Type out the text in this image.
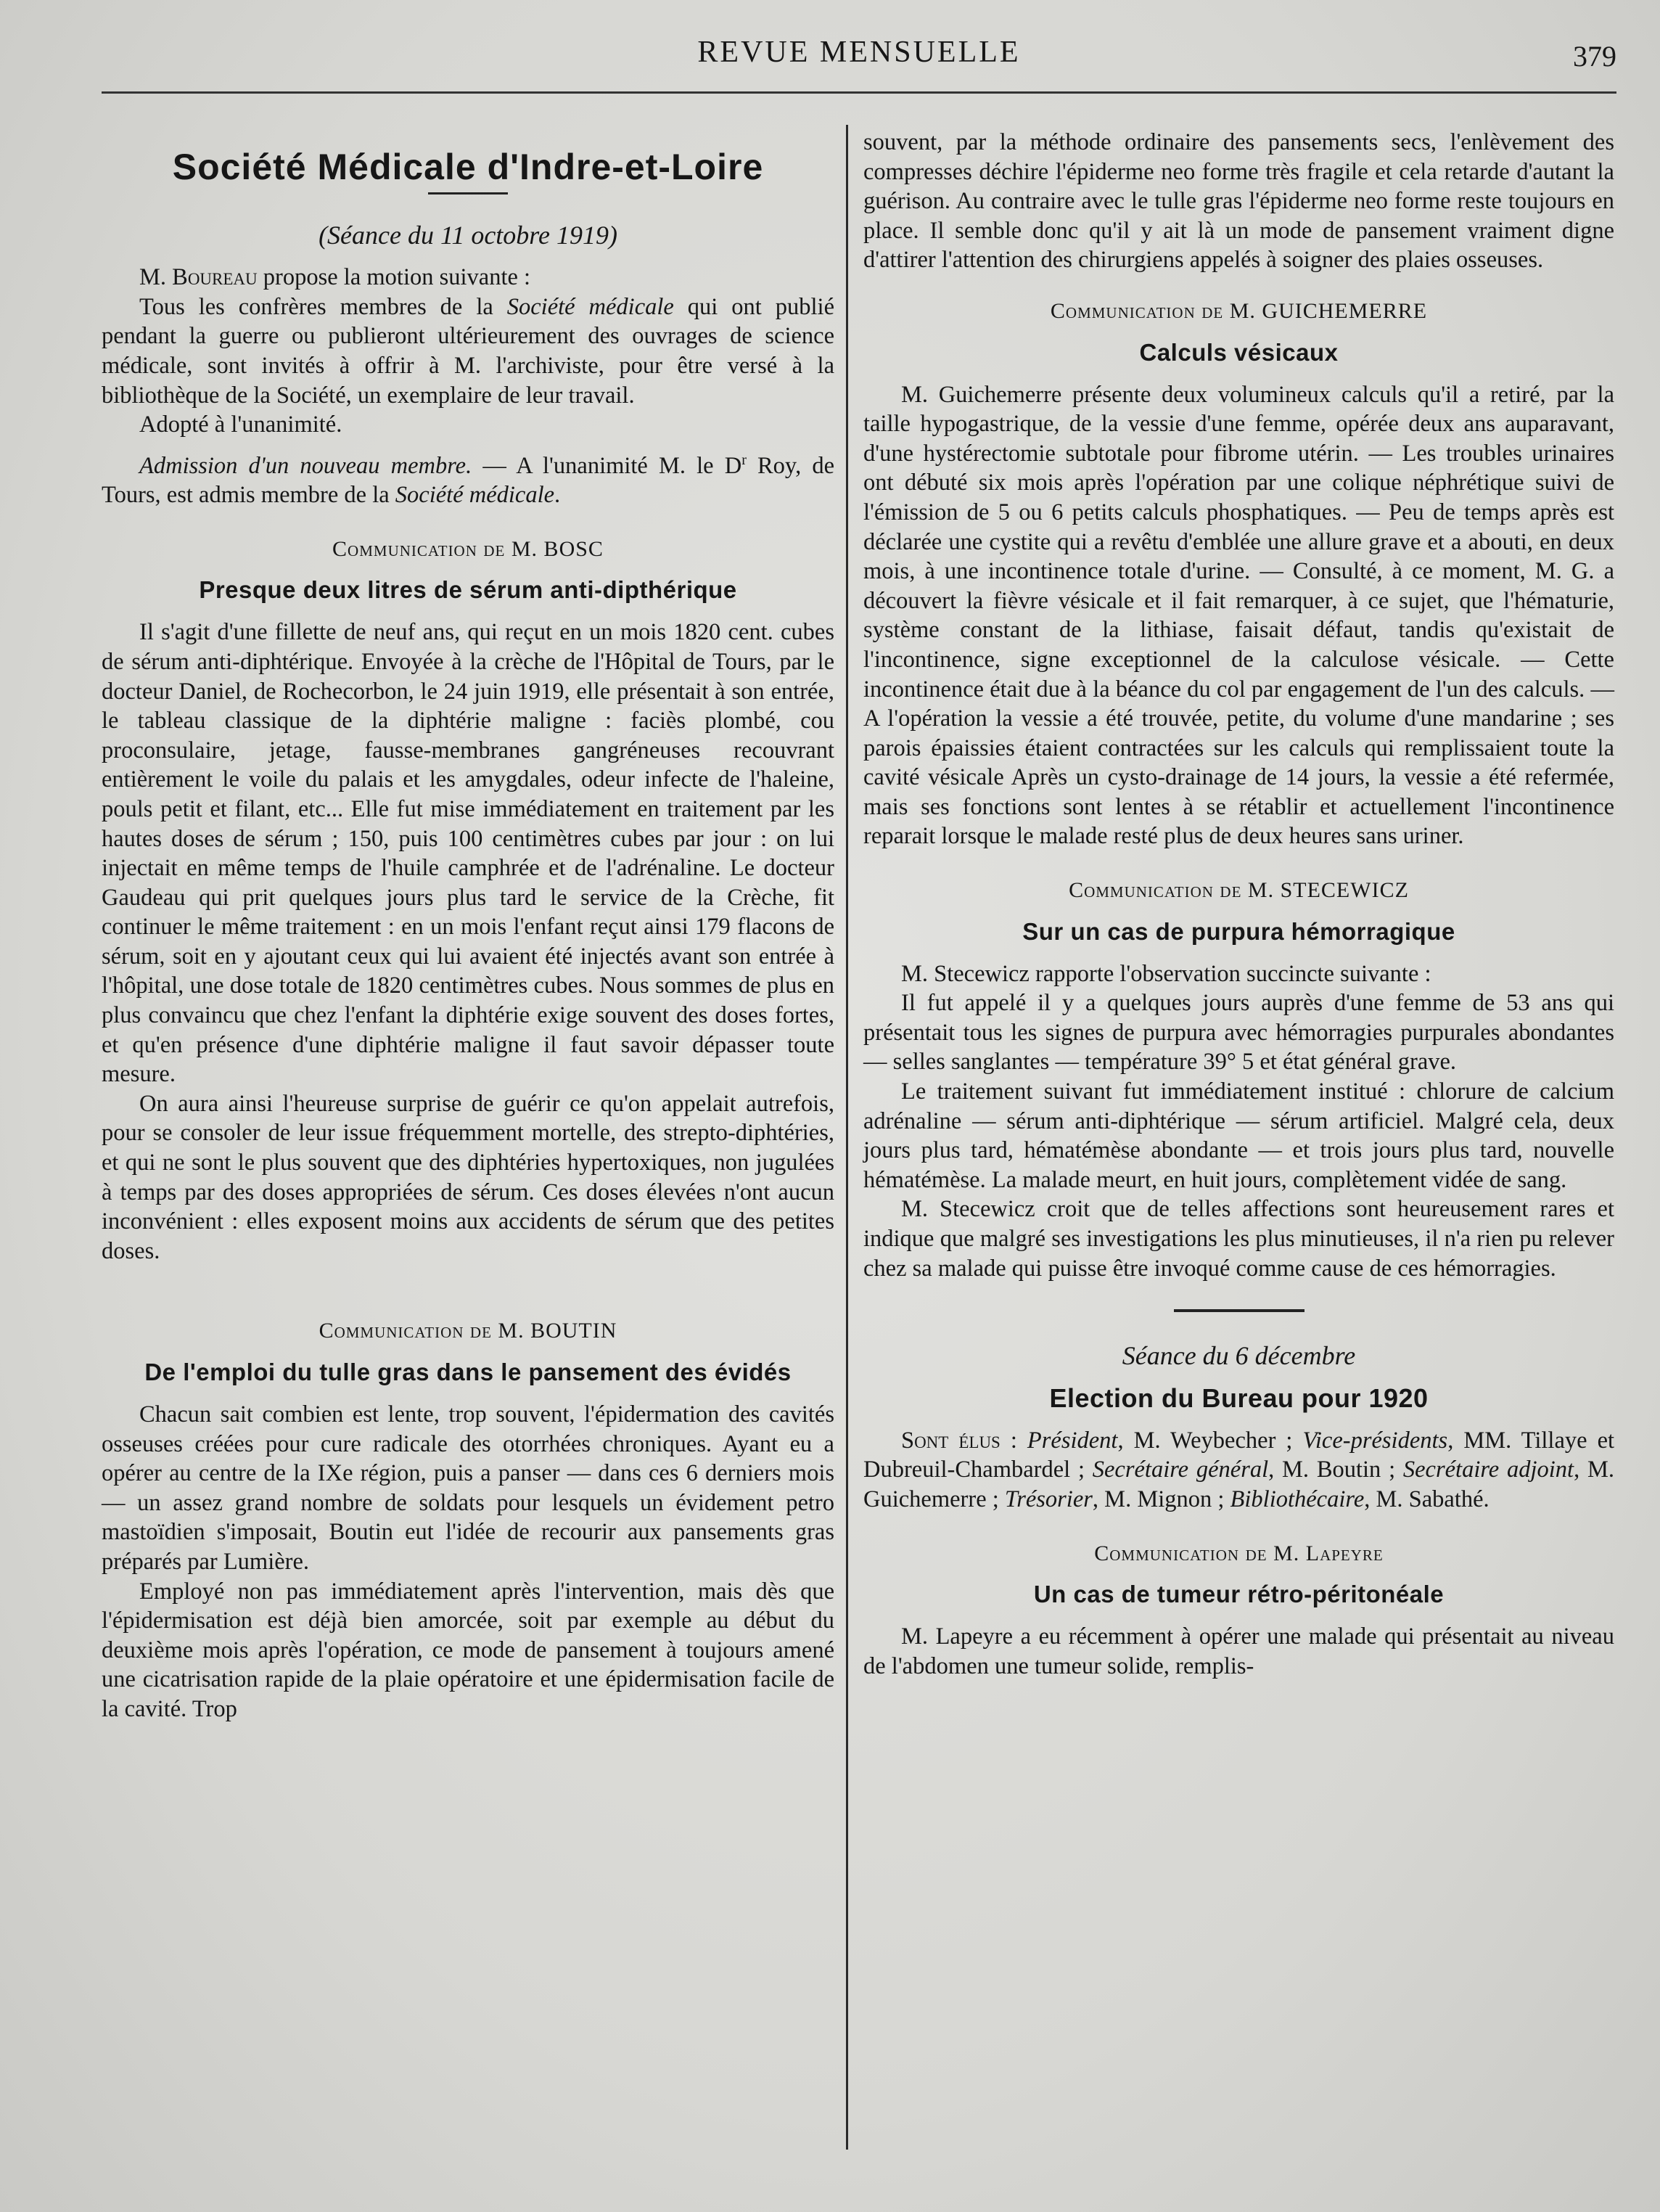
REVUE MENSUELLE	379
Société Médicale d'Indre-et-Loire
(Séance du 11 octobre 1919)

M. Boureau propose la motion suivante :

Tous les confrères membres de la Société médicale qui ont publié pendant la guerre ou publieront ultérieurement des ouvrages de science médicale, sont invités à offrir à M. l'archiviste, pour être versé à la bibliothèque de la Société, un exemplaire de leur travail.

Adopté à l'unanimité.

Admission d'un nouveau membre. — A l'unanimité M. le $D^r$ Roy, de Tours, est admis membre de la Société médicale.

Communication de M. BOSC
Presque deux litres de sérum anti-dipthérique

Il s'agit d'une fillette de neuf ans, qui reçut en un mois 1820 cent. cubes de sérum anti-diphtérique. Envoyée à la crèche de l'Hôpital de Tours, par le docteur Daniel, de Rochecorbon, le 24 juin 1919, elle présentait à son entrée, le tableau classique de la diphtérie maligne : faciès plombé, cou proconsulaire, jetage, fausse-membranes gangréneuses recouvrant entièrement le voile du palais et les amygdales, odeur infecte de l'haleine, pouls petit et filant, etc... Elle fut mise immédiatement en traitement par les hautes doses de sérum ; 150, puis 100 centimètres cubes par jour : on lui injectait en même temps de l'huile camphrée et de l'adrénaline. Le docteur Gaudeau qui prit quelques jours plus tard le service de la Crèche, fit continuer le même traitement : en un mois l'enfant reçut ainsi 179 flacons de sérum, soit en y ajoutant ceux qui lui avaient été injectés avant son entrée à l'hôpital, une dose totale de 1820 centimètres cubes. Nous sommes de plus en plus convaincu que chez l'enfant la diphtérie exige souvent des doses fortes, et qu'en présence d'une diphtérie maligne il faut savoir dépasser toute mesure.

On aura ainsi l'heureuse surprise de guérir ce qu'on appelait autrefois, pour se consoler de leur issue fréquemment mortelle, des strepto-diphtéries, et qui ne sont le plus souvent que des diphtéries hypertoxiques, non jugulées à temps par des doses appropriées de sérum. Ces doses élevées n'ont aucun inconvénient : elles exposent moins aux accidents de sérum que des petites doses.

Communication de M. BOUTIN
De l'emploi du tulle gras dans le pansement des évidés

Chacun sait combien est lente, trop souvent, l'épidermation des cavités osseuses créées pour cure radicale des otorrhées chroniques. Ayant eu a opérer au centre de la IXe région, puis a panser — dans ces 6 derniers mois — un assez grand nombre de soldats pour lesquels un évidement petro mastoïdien s'imposait, Boutin eut l'idée de recourir aux pansements gras préparés par Lumière.

Employé non pas immédiatement après l'intervention, mais dès que l'épidermisation est déjà bien amorcée, soit par exemple au début du deuxième mois après l'opération, ce mode de pansement à toujours amené une cicatrisation rapide de la plaie opératoire et une épidermisation facile de la cavité. Trop

souvent, par la méthode ordinaire des pansements secs, l'enlèvement des compresses déchire l'épiderme neo forme très fragile et cela retarde d'autant la guérison. Au contraire avec le tulle gras l'épiderme neo forme reste toujours en place. Il semble donc qu'il y ait là un mode de pansement vraiment digne d'attirer l'attention des chirurgiens appelés à soigner des plaies osseuses.

Communication de M. GUICHEMERRE
Calculs vésicaux

M. Guichemerre présente deux volumineux calculs qu'il a retiré, par la taille hypogastrique, de la vessie d'une femme, opérée deux ans auparavant, d'une hystérectomie subtotale pour fibrome utérin. — Les troubles urinaires ont débuté six mois après l'opération par une colique néphrétique suivi de l'émission de 5 ou 6 petits calculs phosphatiques. — Peu de temps après est déclarée une cystite qui a revêtu d'emblée une allure grave et a abouti, en deux mois, à une incontinence totale d'urine. — Consulté, à ce moment, M. G. a découvert la fièvre vésicale et il fait remarquer, à ce sujet, que l'hématurie, système constant de la lithiase, faisait défaut, tandis qu'existait de l'incontinence, signe exceptionnel de la calculose vésicale. — Cette incontinence était due à la béance du col par engagement de l'un des calculs. — A l'opération la vessie a été trouvée, petite, du volume d'une mandarine ; ses parois épaissies étaient contractées sur les calculs qui remplissaient toute la cavité vésicale Après un cysto-drainage de 14 jours, la vessie a été refermée, mais ses fonctions sont lentes à se rétablir et actuellement l'incontinence reparait lorsque le malade resté plus de deux heures sans uriner.

Communication de M. STECEWICZ
Sur un cas de purpura hémorragique

M. Stecewicz rapporte l'observation succincte suivante :

Il fut appelé il y a quelques jours auprès d'une femme de 53 ans qui présentait tous les signes de purpura avec hémorragies purpurales abondantes — selles sanglantes — température 39° 5 et état général grave.

Le traitement suivant fut immédiatement institué : chlorure de calcium adrénaline — sérum anti-diphtérique — sérum artificiel. Malgré cela, deux jours plus tard, hématémèse abondante — et trois jours plus tard, nouvelle hématémèse. La malade meurt, en huit jours, complètement vidée de sang.

M. Stecewicz croit que de telles affections sont heureusement rares et indique que malgré ses investigations les plus minutieuses, il n'a rien pu relever chez sa malade qui puisse être invoqué comme cause de ces hémorragies.

Séance du 6 décembre
Election du Bureau pour 1920

Sont élus : Président, M. Weybecher ; Vice-présidents, MM. Tillaye et Dubreuil-Chambardel ; Secrétaire général, M. Boutin ; Secrétaire adjoint, M. Guichemerre ; Trésorier, M. Mignon ; Bibliothécaire, M. Sabathé.

Communication de M. Lapeyre
Un cas de tumeur rétro-péritonéale

M. Lapeyre a eu récemment à opérer une malade qui présentait au niveau de l'abdomen une tumeur solide, remplis-
